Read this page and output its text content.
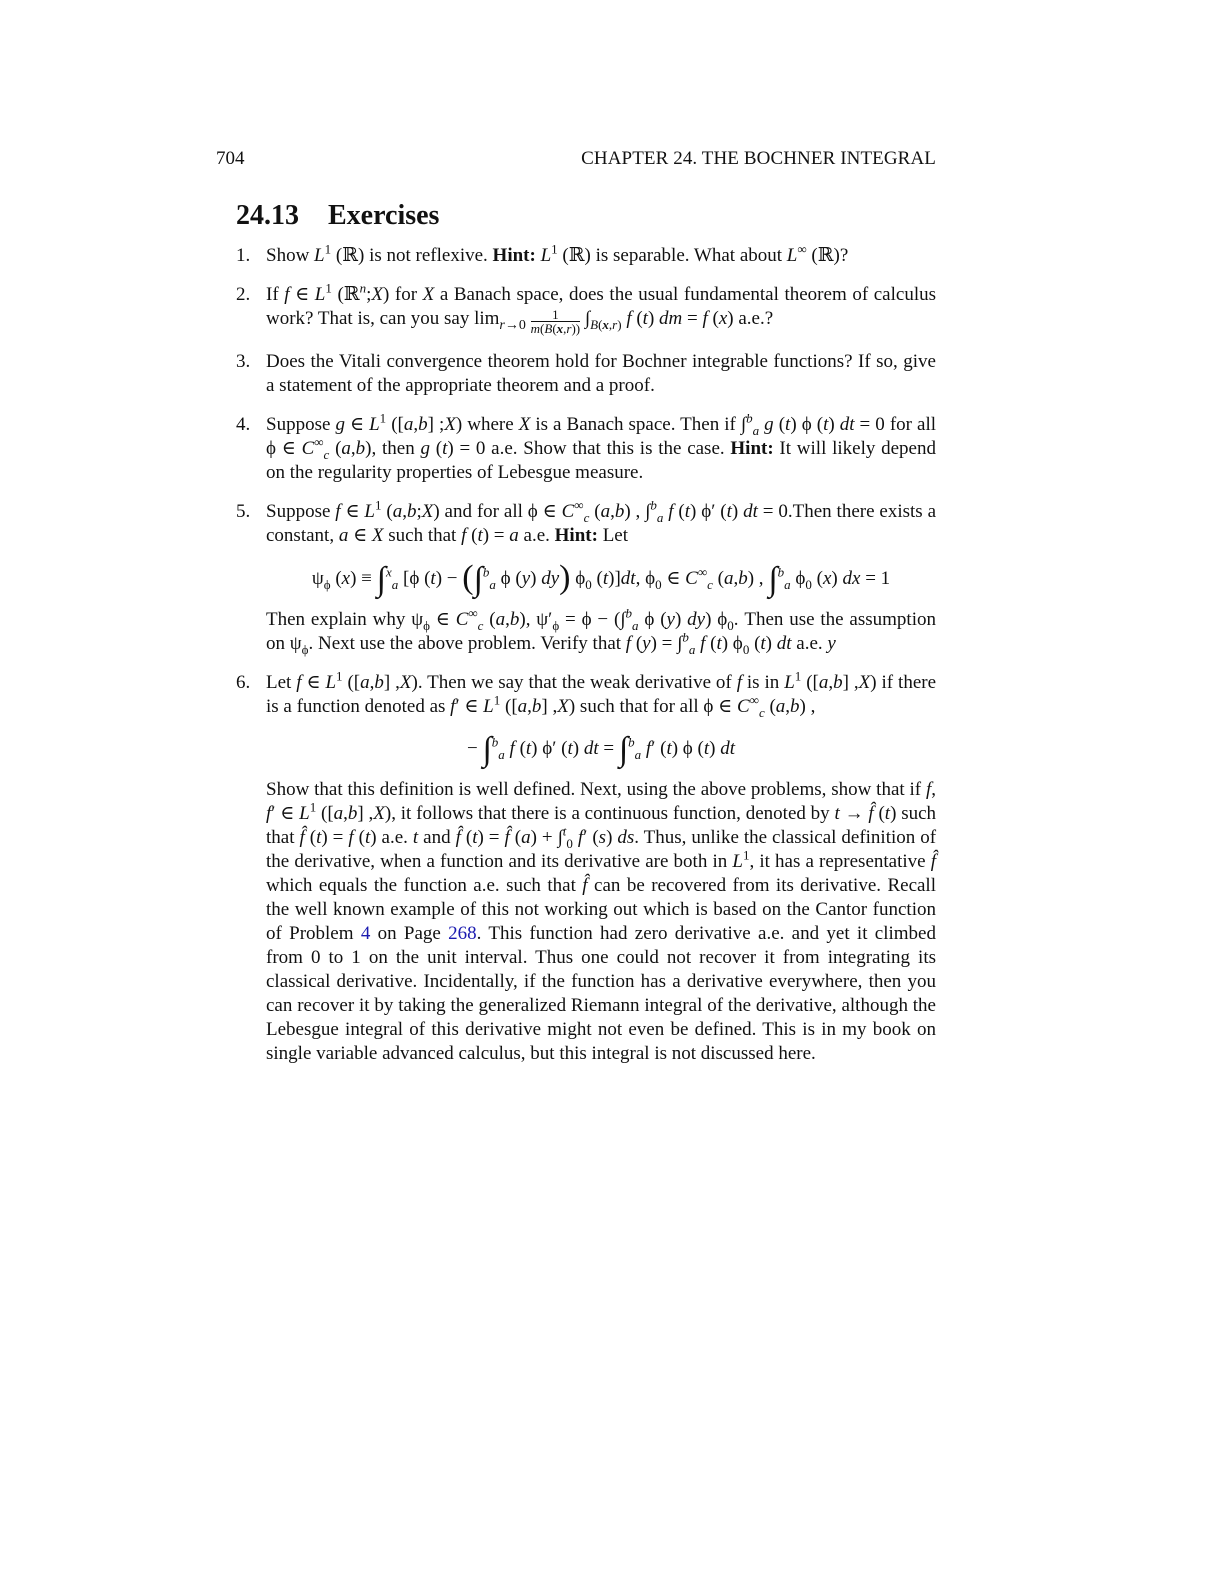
704	CHAPTER 24. THE BOCHNER INTEGRAL
24.13 Exercises
1. Show $L^1$ (ℝ) is not reflexive. Hint: $L^1$ (ℝ) is separable. What about L∞ (ℝ)?

2. If f ∈ $L^1$ (ℝ$^n$;X) for X a Banach space, does the usual fundamental theorem of calculus work? That is, can you say $\lim_{r\to 0} \frac{1}{m(B(x,r))} \int_{B(x,r)}$ f (t) dm = f (x) a.e.?

3. Does the Vitali convergence theorem hold for Bochner integrable functions? If so, give a statement of the appropriate theorem and a proof.

4. Suppose g ∈ $L^1$ ([a,b] ;X) where X is a Banach space. Then if ∫$^b_a$ g (t) ϕ (t) dt = 0 for all ϕ ∈ $C^\infty_c$ (a,b), then g (t) = 0 a.e. Show that this is the case. Hint: It will likely depend on the regularity properties of Lebesgue measure.

5. Suppose f ∈ $L^1$ (a,b;X) and for all ϕ ∈ $C^\infty_c$ (a,b) , ∫$^b_a$ f (t) ϕ′ (t) dt = 0.Then there exists a constant, a ∈ X such that f (t) = a a.e. Hint: Let

$\psi_\phi$ (x) ≡ ∫$^x_a$ [ϕ (t) − (∫$^b_a$ ϕ (y) dy) $\phi_0$ (t)]dt, $\phi_0$ ∈ $C^\infty_c$ (a,b) , ∫$^b_a$ $\phi_0$ (x) dx = 1

Then explain why $\psi_\phi$ ∈ $C^\infty_c$ (a,b), $\psi'_\phi = \phi - (\int^b_a$ ϕ (y) dy) $\phi_0$. Then use the assumption on $\psi_\phi$. Next use the above problem. Verify that f (y) = ∫$^b_a$ f (t) $\phi_0$ (t) dt a.e. y

6. Let f ∈ $L^1$ ([a,b] ,X). Then we say that the weak derivative of f is in $L^1$ ([a,b] ,X) if there is a function denoted as f′ ∈ $L^1$ ([a,b] ,X) such that for all ϕ ∈ $C^\infty_c$ (a,b) ,

− ∫$^b_a$ f (t) ϕ′ (t) dt = ∫$^b_a$ f′ (t) ϕ (t) dt

Show that this definition is well defined. Next, using the above problems, show that if f, f′ ∈ $L^1$ ([a,b] ,X), it follows that there is a continuous function, denoted by t → f̂ (t) such that f̂ (t) = f (t) a.e. t and f̂ (t) = f̂ (a) + ∫$^t_0$ f′ (s) ds. Thus, unlike the classical definition of the derivative, when a function and its derivative are both in $L^1$, it has a representative f̂ which equals the function a.e. such that f̂ can be recovered from its derivative. Recall the well known example of this not working out which is based on the Cantor function of Problem 4 on Page 268. This function had zero derivative a.e. and yet it climbed from 0 to 1 on the unit interval. Thus one could not recover it from integrating its classical derivative. Incidentally, if the function has a derivative everywhere, then you can recover it by taking the generalized Riemann integral of the derivative, although the Lebesgue integral of this derivative might not even be defined. This is in my book on single variable advanced calculus, but this integral is not discussed here.
